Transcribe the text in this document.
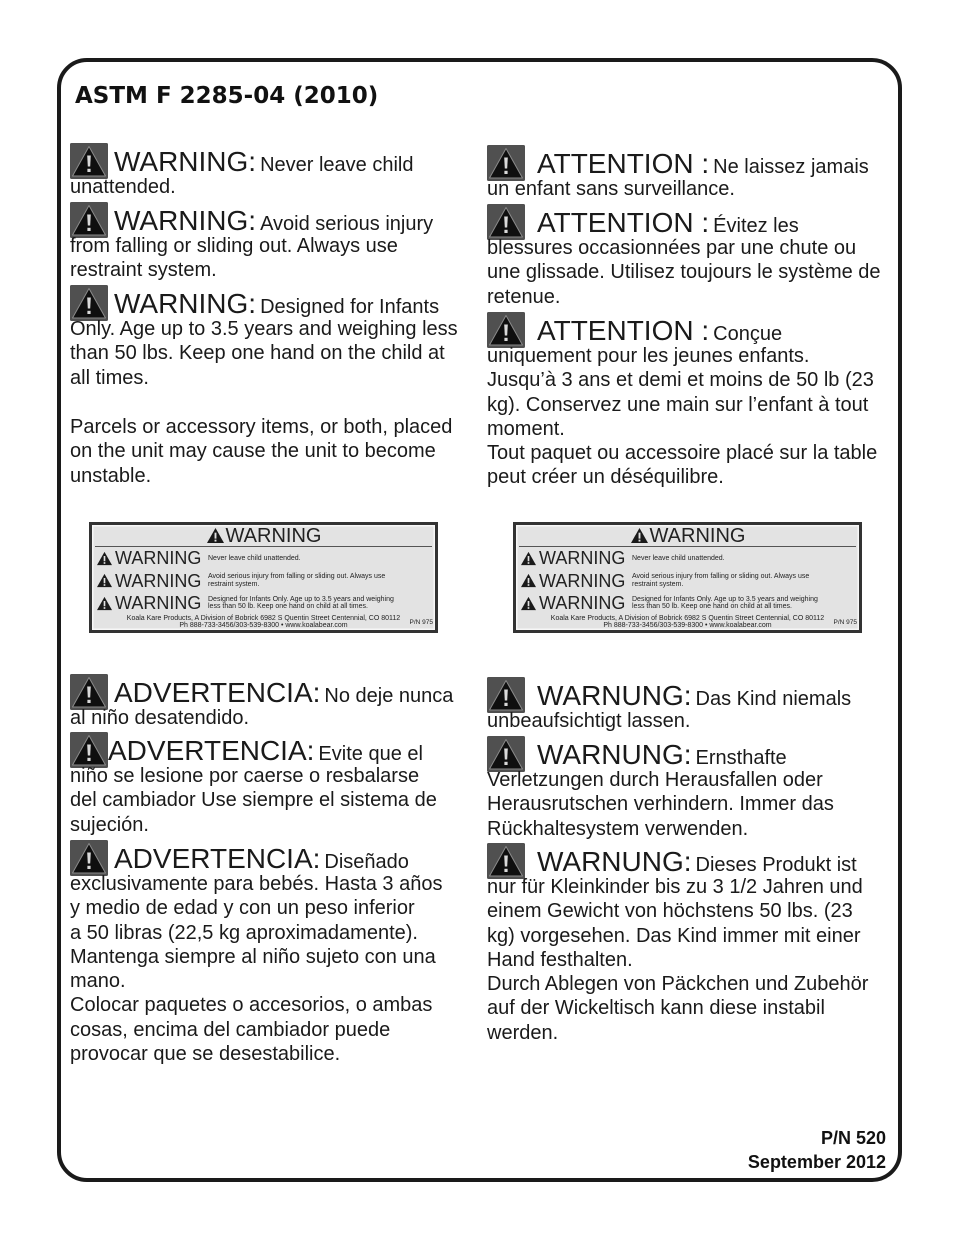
ASTM F 2285-04 (2010)
WARNING: Never leave child
unattended.
WARNING: Avoid serious injury
from falling or sliding out. Always use
restraint system.
WARNING: Designed for Infants
Only. Age up to 3.5 years and weighing less
than 50 lbs. Keep one hand on the child at
all times.
Parcels or accessory items, or both, placed
on the unit may cause the unit to become
unstable.
ATTENTION : Ne laissez jamais
un enfant sans surveillance.
ATTENTION : Évitez les
blessures occasionnées par une chute ou
une glissade. Utilisez toujours le système de
retenue.
ATTENTION : Conçue
uniquement pour les jeunes enfants.
Jusqu’à 3 ans et demi et moins de 50 lb (23
kg). Conservez une main sur l’enfant à tout
moment.
Tout paquet ou accessoire placé sur la table
peut créer un déséquilibre.
WARNING
WARNING Never leave child unattended.
WARNING Avoid serious injury from falling or sliding out. Always use
restraint system.
WARNING Designed for Infants Only. Age up to 3.5 years and weighing
less than 50 lb. Keep one hand on child at all times.
Koala Kare Products, A Division of Bobrick 6982 S Quentin Street Centennial, CO 80112
Ph 888-733-3456/303-539-8300 • www.koalabear.com	P/N 975
WARNING
WARNING Never leave child unattended.
WARNING Avoid serious injury from falling or sliding out. Always use
restraint system.
WARNING Designed for Infants Only. Age up to 3.5 years and weighing
less than 50 lb. Keep one hand on child at all times.
Koala Kare Products, A Division of Bobrick 6982 S Quentin Street Centennial, CO 80112
Ph 888-733-3456/303-539-8300 • www.koalabear.com	P/N 975
ADVERTENCIA: No deje nunca
al niño desatendido.
ADVERTENCIA: Evite que el
niño se lesione por caerse o resbalarse
del cambiador Use siempre el sistema de
sujeción.
ADVERTENCIA: Diseñado
exclusivamente para bebés. Hasta 3 años
y medio de edad y con un peso inferior
a 50 libras (22,5 kg aproximadamente).
Mantenga siempre al niño sujeto con una
mano.
Colocar paquetes o accesorios, o ambas
cosas, encima del cambiador puede
provocar que se desestabilice.
WARNUNG: Das Kind niemals
unbeaufsichtigt lassen.
WARNUNG: Ernsthafte
Verletzungen durch Herausfallen oder
Herausrutschen verhindern. Immer das
Rückhaltesystem verwenden.
WARNUNG: Dieses Produkt ist
nur für Kleinkinder bis zu 3 1/2 Jahren und
einem Gewicht von höchstens 50 lbs. (23
kg) vorgesehen. Das Kind immer mit einer
Hand festhalten.
Durch Ablegen von Päckchen und Zubehör
auf der Wickeltisch kann diese instabil
werden.
P/N 520
September 2012
